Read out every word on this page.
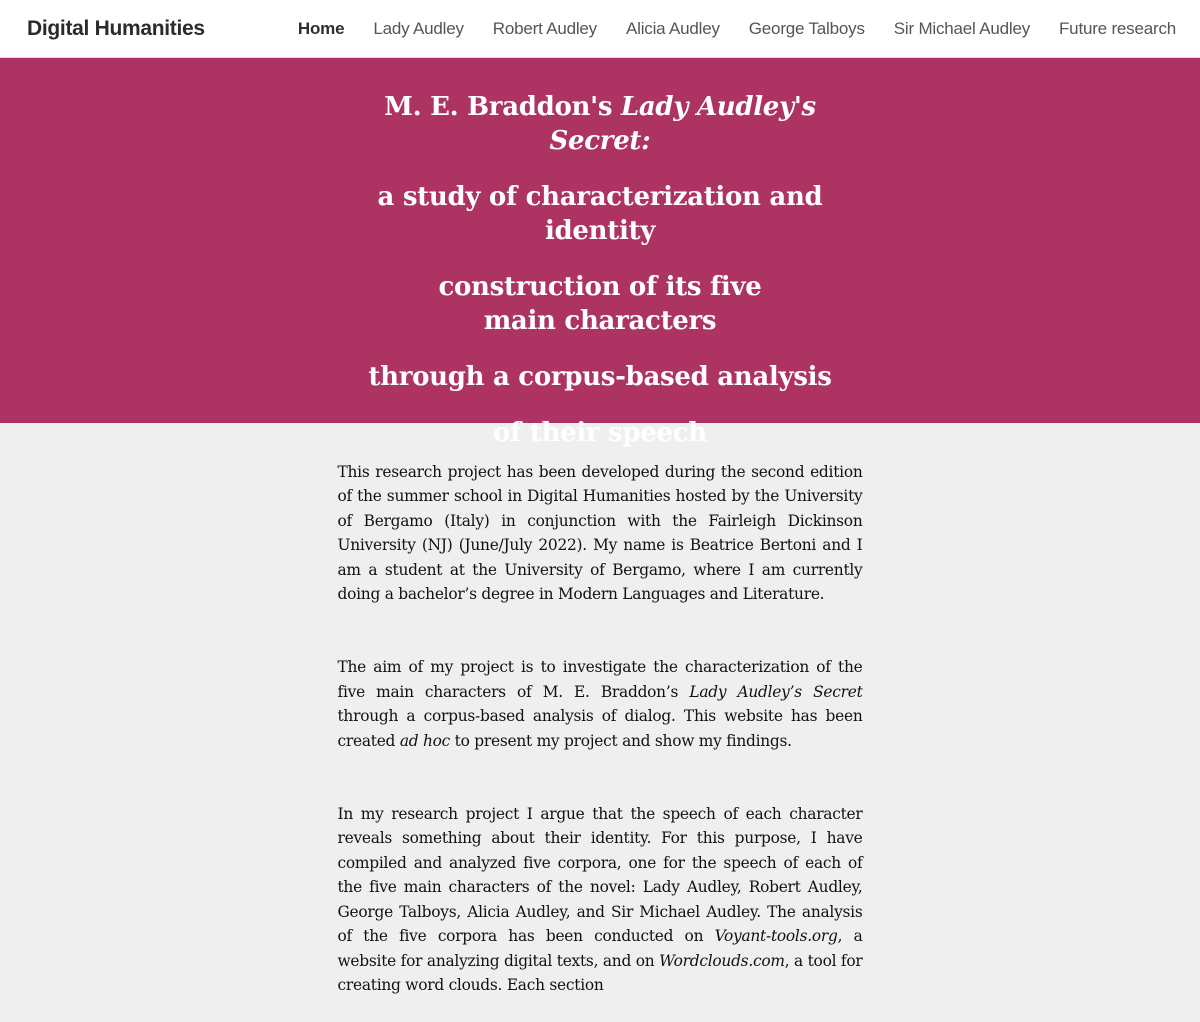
Digital Humanities	Home	Lady Audley	Robert Audley	Alicia Audley	George Talboys	Sir Michael Audley	Future research
M. E. Braddon's Lady Audley's Secret:
a study of characterization and identity
construction of its five main characters
through a corpus-based analysis
of their speech

This research project has been developed during the second edition of the summer school in Digital Humanities hosted by the University of Bergamo (Italy) in conjunction with the Fairleigh Dickinson University (NJ) (June/July 2022). My name is Beatrice Bertoni and I am a student at the University of Bergamo, where I am currently doing a bachelor’s degree in Modern Languages and Literature.

The aim of my project is to investigate the characterization of the five main characters of M. E. Braddon’s Lady Audley’s Secret through a corpus-based analysis of dialog. This website has been created ad hoc to present my project and show my findings.

In my research project I argue that the speech of each character reveals something about their identity. For this purpose, I have compiled and analyzed five corpora, one for the speech of each of the five main characters of the novel: Lady Audley, Robert Audley, George Talboys, Alicia Audley, and Sir Michael Audley. The analysis of the five corpora has been conducted on Voyant-tools.org, a website for analyzing digital texts, and on Wordclouds.com, a tool for creating word clouds. Each section
